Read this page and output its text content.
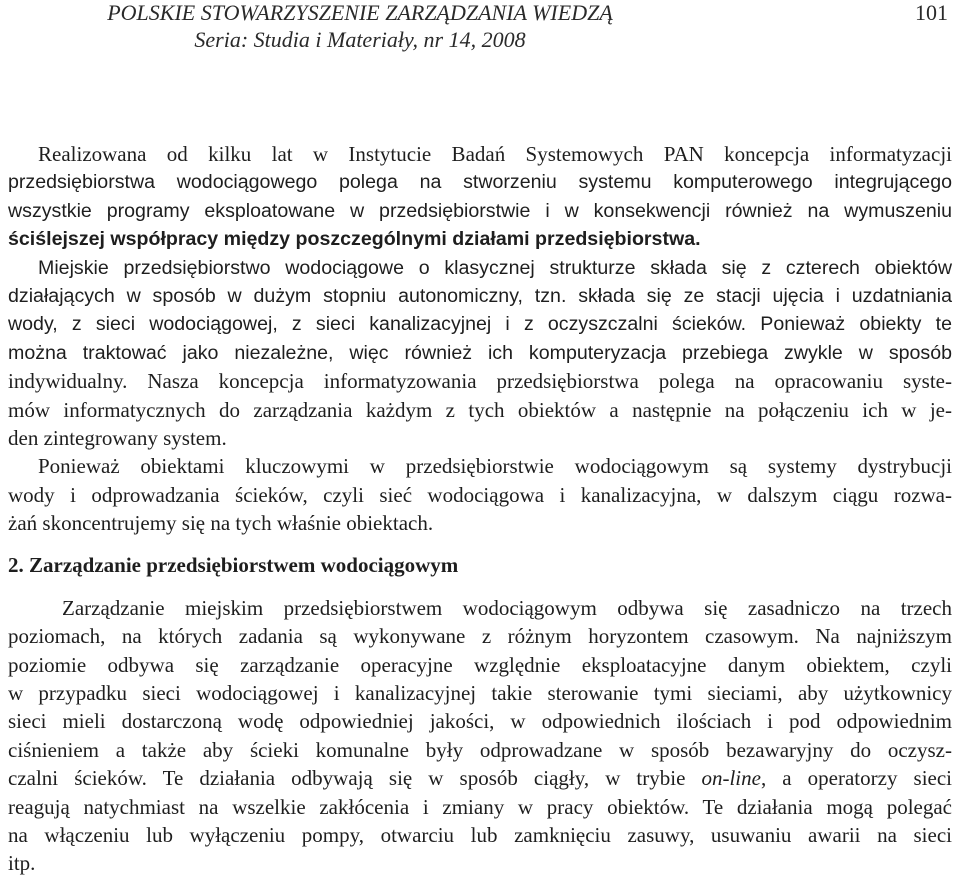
POLSKIE STOWARZYSZENIE ZARZĄDZANIA WIEDZĄ
Seria: Studia i Materiały, nr 14, 2008
101

Realizowana od kilku lat w Instytucie Badań Systemowych PAN koncepcja informatyzacji

przedsiębiorstwa wodociągowego polega na stworzeniu systemu komputerowego integrującego
wszystkie programy eksploatowane w przedsiębiorstwie i w konsekwencji również na wymuszeniu

ściślejszej współpracy między poszczególnymi działami przedsiębiorstwa.

Miejskie przedsiębiorstwo wodociągowe o klasycznej strukturze składa się z czterech obiektów
działających w sposób w dużym stopniu autonomiczny, tzn. składa się ze stacji ujęcia i uzdatniania
wody, z sieci wodociągowej, z sieci kanalizacyjnej i z oczyszczalni ścieków. Ponieważ obiekty te
można traktować jako niezależne, więc również ich komputeryzacja przebiega zwykle w sposób

indywidualny. Nasza koncepcja informatyzowania przedsiębiorstwa polega na opracowaniu syste-
mów informatycznych do zarządzania każdym z tych obiektów a następnie na połączeniu ich w je-
den zintegrowany system.
Ponieważ obiektami kluczowymi w przedsiębiorstwie wodociągowym są systemy dystrybucji
wody i odprowadzania ścieków, czyli sieć wodociągowa i kanalizacyjna, w dalszym ciągu rozwa-
żań skoncentrujemy się na tych właśnie obiektach.

2. Zarządzanie przedsiębiorstwem wodociągowym

Zarządzanie miejskim przedsiębiorstwem wodociągowym odbywa się zasadniczo na trzech
poziomach, na których zadania są wykonywane z różnym horyzontem czasowym. Na najniższym
poziomie odbywa się zarządzanie operacyjne względnie eksploatacyjne danym obiektem, czyli
w przypadku sieci wodociągowej i kanalizacyjnej takie sterowanie tymi sieciami, aby użytkownicy
sieci mieli dostarczoną wodę odpowiedniej jakości, w odpowiednich ilościach i pod odpowiednim
ciśnieniem a także aby ścieki komunalne były odprowadzane w sposób bezawaryjny do oczysz-
czalni ścieków. Te działania odbywają się w sposób ciągły, w trybie on-line, a operatorzy sieci
reagują natychmiast na wszelkie zakłócenia i zmiany w pracy obiektów. Te działania mogą polegać
na włączeniu lub wyłączeniu pompy, otwarciu lub zamknięciu zasuwy, usuwaniu awarii na sieci
itp.
